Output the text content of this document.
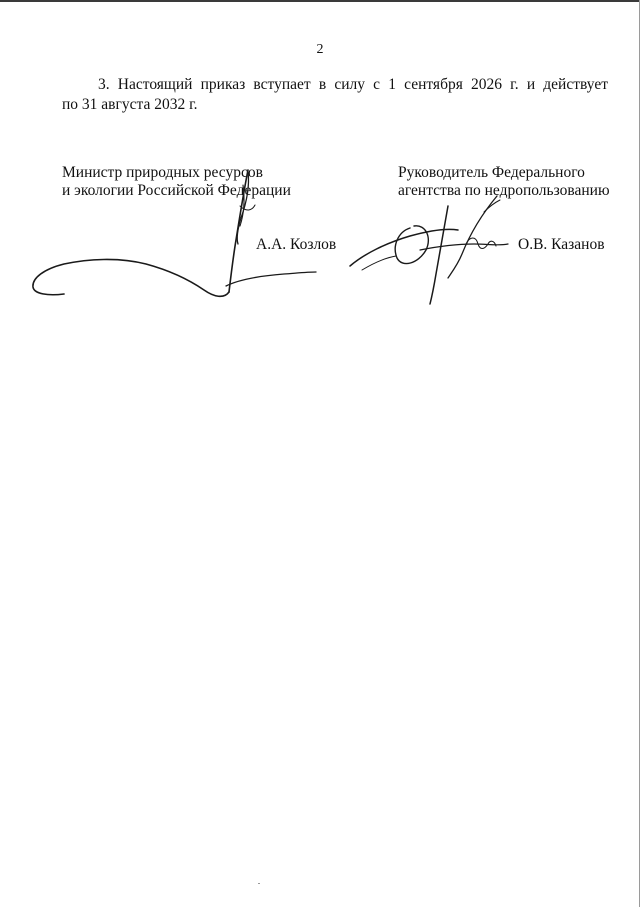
2
3. Настоящий приказ вступает в силу с 1 сентября 2026 г. и действует
по 31 августа 2032 г.
Министр природных ресурсов
и экологии Российской Федерации
Руководитель Федерального
агентства по недропользованию
А.А. Козлов	О.В. Казанов
